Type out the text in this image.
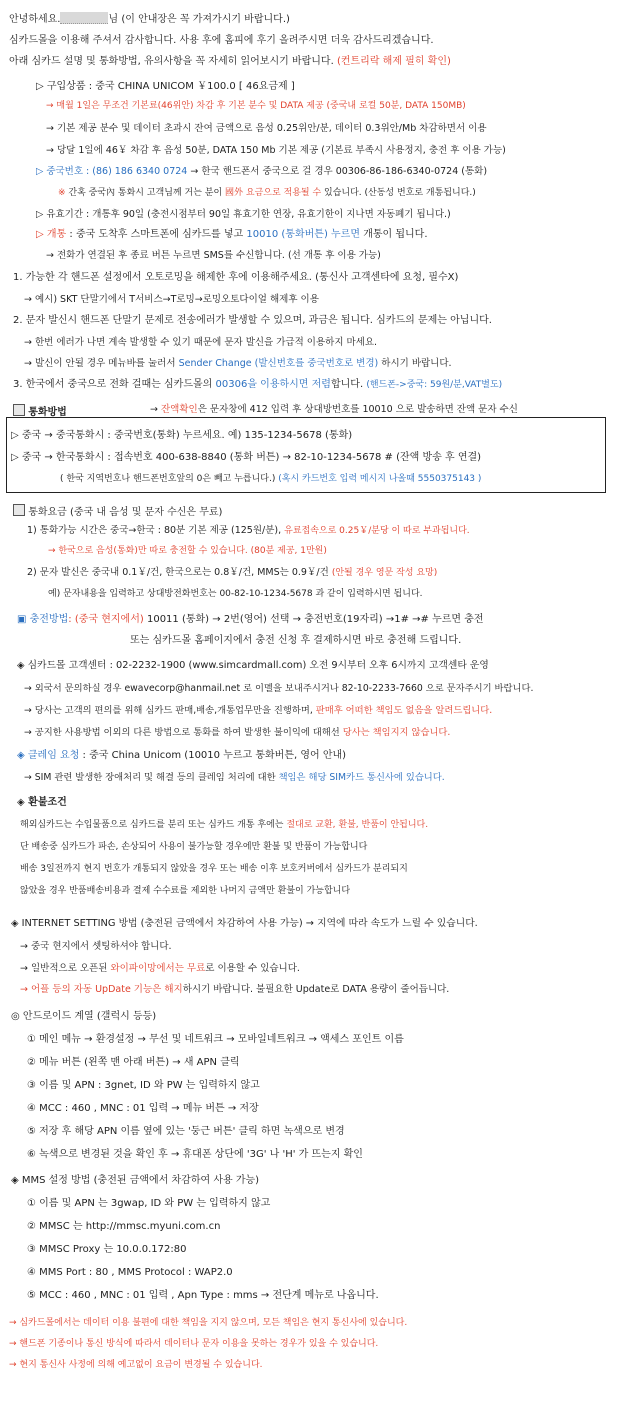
안녕하세요.	님 (이 안내장은 꼭 가져가시기 바랍니다.)
심카드몰을 이용해 주셔서 감사합니다. 사용 후에 홈피에 후기 올려주시면 더욱 감사드리겠습니다.
아래 심카드 설명 및 통화방법, 유의사항을 꼭 자세히 읽어보시기 바랍니다. (컨트리락 해제 필히 확인)
▷ 구입상품 : 중국 CHINA UNICOM ￥100.0 [ 46요금제 ]
→ 매월 1일은 무조건 기본료(46위안) 차감 후 기본 분수 및 DATA 제공 (중국내 로컬 50분, DATA 150MB)
→ 기본 제공 분수 및 데이터 초과시 잔여 금액으로 음성 0.25위안/분, 데이터 0.3위안/Mb 차감하면서 이용
→ 당달 1일에 46￥ 차감 후 음성 50분, DATA 150 Mb 기본 제공 (기본료 부족시 사용정지, 충전 후 이용 가능)
▷ 중국번호 : (86) 186 6340 0724 → 한국 핸드폰서 중국으로 걸 경우 00306-86-186-6340-0724 (통화)
※ 간혹 중국內 통화시 고객님께 거는 분이 國外 요금으로 적용될 수 있습니다. (산동성 번호로 개통됩니다.)
▷ 유효기간 : 개통후 90일 (충전시점부터 90일 휴효기한 연장, 유효기한이 지나면 자동폐기 됩니다.)
▷ 개통 : 중국 도착후 스마트폰에 심카드를 넣고 10010 (통화버튼) 누르면 개통이 됩니다.
→ 전화가 연결된 후 종료 버튼 누르면 SMS를 수신합니다. (선 개통 후 이용 가능)
1. 가능한 각 핸드폰 설정에서 오토로밍을 해제한 후에 이용해주세요. (통신사 고객센타에 요청, 필수X)
→ 예시) SKT 단말기에서 T서비스→T로밍→로밍오토다이얼 해제후 이용
2. 문자 발신시 핸드폰 단말기 문제로 전송에러가 발생할 수 있으며, 과금은 됩니다. 심카드의 문제는 아닙니다.
→ 한번 에러가 나면 계속 발생할 수 있기 때문에 문자 발신을 가급적 이용하지 마세요.
→ 발신이 안될 경우 메뉴바를 눌러서 Sender Change (발신번호를 중국번호로 변경) 하시기 바랍니다.
3. 한국에서 중국으로 전화 걸때는 심카드몰의 00306을 이용하시면 저렴합니다. (핸드폰->중국: 59원/분,VAT별도)
통화방법	→ 잔액확인은 문자창에 412 입력 후 상대방번호를 10010 으로 발송하면 잔액 문자 수신
▷ 중국 → 중국통화시 : 중국번호(통화) 누르세요. 예) 135-1234-5678 (통화)
▷ 중국 → 한국통화시 : 접속번호 400-638-8840 (통화 버튼) → 82-10-1234-5678 # (잔액 방송 후 연결)
( 한국 지역번호나 핸드폰번호앞의 0은 빼고 누릅니다.) (혹시 카드번호 입력 메시지 나올때 5550375143 )
통화요금 (중국 내 음성 및 문자 수신은 무료)
1) 통화가능 시간은 중국→한국 : 80분 기본 제공 (125원/분), 유료접속으로 0.25￥/분당 이 따로 부과됩니다.
→ 한국으로 음성(통화)만 따로 충전할 수 있습니다. (80분 제공, 1만원)
2) 문자 발신은 중국내 0.1￥/건, 한국으로는 0.8￥/건, MMS는 0.9￥/건 (안될 경우 영문 작성 요망)
예) 문자내용을 입력하고 상대방전화번호는 00-82-10-1234-5678 과 같이 입력하시면 됩니다.
▣ 충전방법: (중국 현지에서) 10011 (통화) → 2번(영어) 선택 → 충전번호(19자리) →1# →# 누르면 충전
또는 심카드몰 홈페이지에서 충전 신청 후 결제하시면 바로 충전해 드립니다.
◈ 심카드몰 고객센터 : 02-2232-1900 (www.simcardmall.com) 오전 9시부터 오후 6시까지 고객센타 운영
→ 외국서 문의하실 경우 ewavecorp@hanmail.net 로 이멜을 보내주시거나 82-10-2233-7660 으로 문자주시기 바랍니다.
→ 당사는 고객의 편의를 위해 심카드 판매,배송,개통업무만을 진행하며, 판매후 어떠한 책임도 없음을 알려드립니다.
→ 공지한 사용방법 이외의 다른 방법으로 통화를 하여 발생한 불이익에 대해선 당사는 책임지지 않습니다.
◈ 클레임 요청 : 중국 China Unicom (10010 누르고 통화버튼, 영어 안내)
→ SIM 관련 발생한 장애처리 및 해결 등의 클레임 처리에 대한 책임은 해당 SIM카드 통신사에 있습니다.
◈ 환불조건
해외심카드는 수입물품으로 심카드를 분리 또는 심카드 개통 후에는 절대로 교환, 환불, 반품이 안됩니다.
단 배송중 심카드가 파손, 손상되어 사용이 불가능할 경우에만 환불 및 반품이 가능합니다
배송 3일전까지 현지 번호가 개통되지 않았을 경우 또는 배송 이후 보호커버에서 심카드가 분리되지
않았을 경우 반품배송비용과 결제 수수료를 제외한 나머지 금액만 환불이 가능합니다
◈ INTERNET SETTING 방법 (충전된 금액에서 차감하여 사용 가능) → 지역에 따라 속도가 느릴 수 있습니다.
→ 중국 현지에서 셋팅하셔야 합니다.
→ 일반적으로 오픈된 와이파이망에서는 무료로 이용할 수 있습니다.
→ 어플 등의 자동 UpDate 기능은 해지하시기 바랍니다. 불필요한 Update로 DATA 용량이 줄어듭니다.
◎ 안드로이드 계열 (갤럭시 등등)
① 메인 메뉴 → 환경설정 → 무선 및 네트워크 → 모바일네트워크 → 액세스 포인트 이름
② 메뉴 버튼 (왼쪽 맨 아래 버튼) → 새 APN 클릭
③ 이름 및 APN : 3gnet, ID 와 PW 는 입력하지 않고
④ MCC : 460 , MNC : 01 입력 → 메뉴 버튼 → 저장
⑤ 저장 후 해당 APN 이름 옆에 있는 '둥근 버튼' 클릭 하면 녹색으로 변경
⑥ 녹색으로 변경된 것을 확인 후 → 휴대폰 상단에 '3G' 나 'H' 가 뜨는지 확인
◈ MMS 설정 방법 (충전된 금액에서 차감하여 사용 가능)
① 이름 및 APN 는 3gwap, ID 와 PW 는 입력하지 않고
② MMSC 는 http://mmsc.myuni.com.cn
③ MMSC Proxy 는 10.0.0.172:80
④ MMS Port : 80 , MMS Protocol : WAP2.0
⑤ MCC : 460 , MNC : 01 입력 , Apn Type : mms → 전단계 메뉴로 나옵니다.
→ 심카드몰에서는 데이터 이용 불편에 대한 책임을 지지 않으며, 모든 책임은 현지 통신사에 있습니다.
→ 핸드폰 기종이나 통신 방식에 따라서 데이터나 문자 이용을 못하는 경우가 있을 수 있습니다.
→ 현지 통신사 사정에 의해 예고없이 요금이 변경될 수 있습니다.
